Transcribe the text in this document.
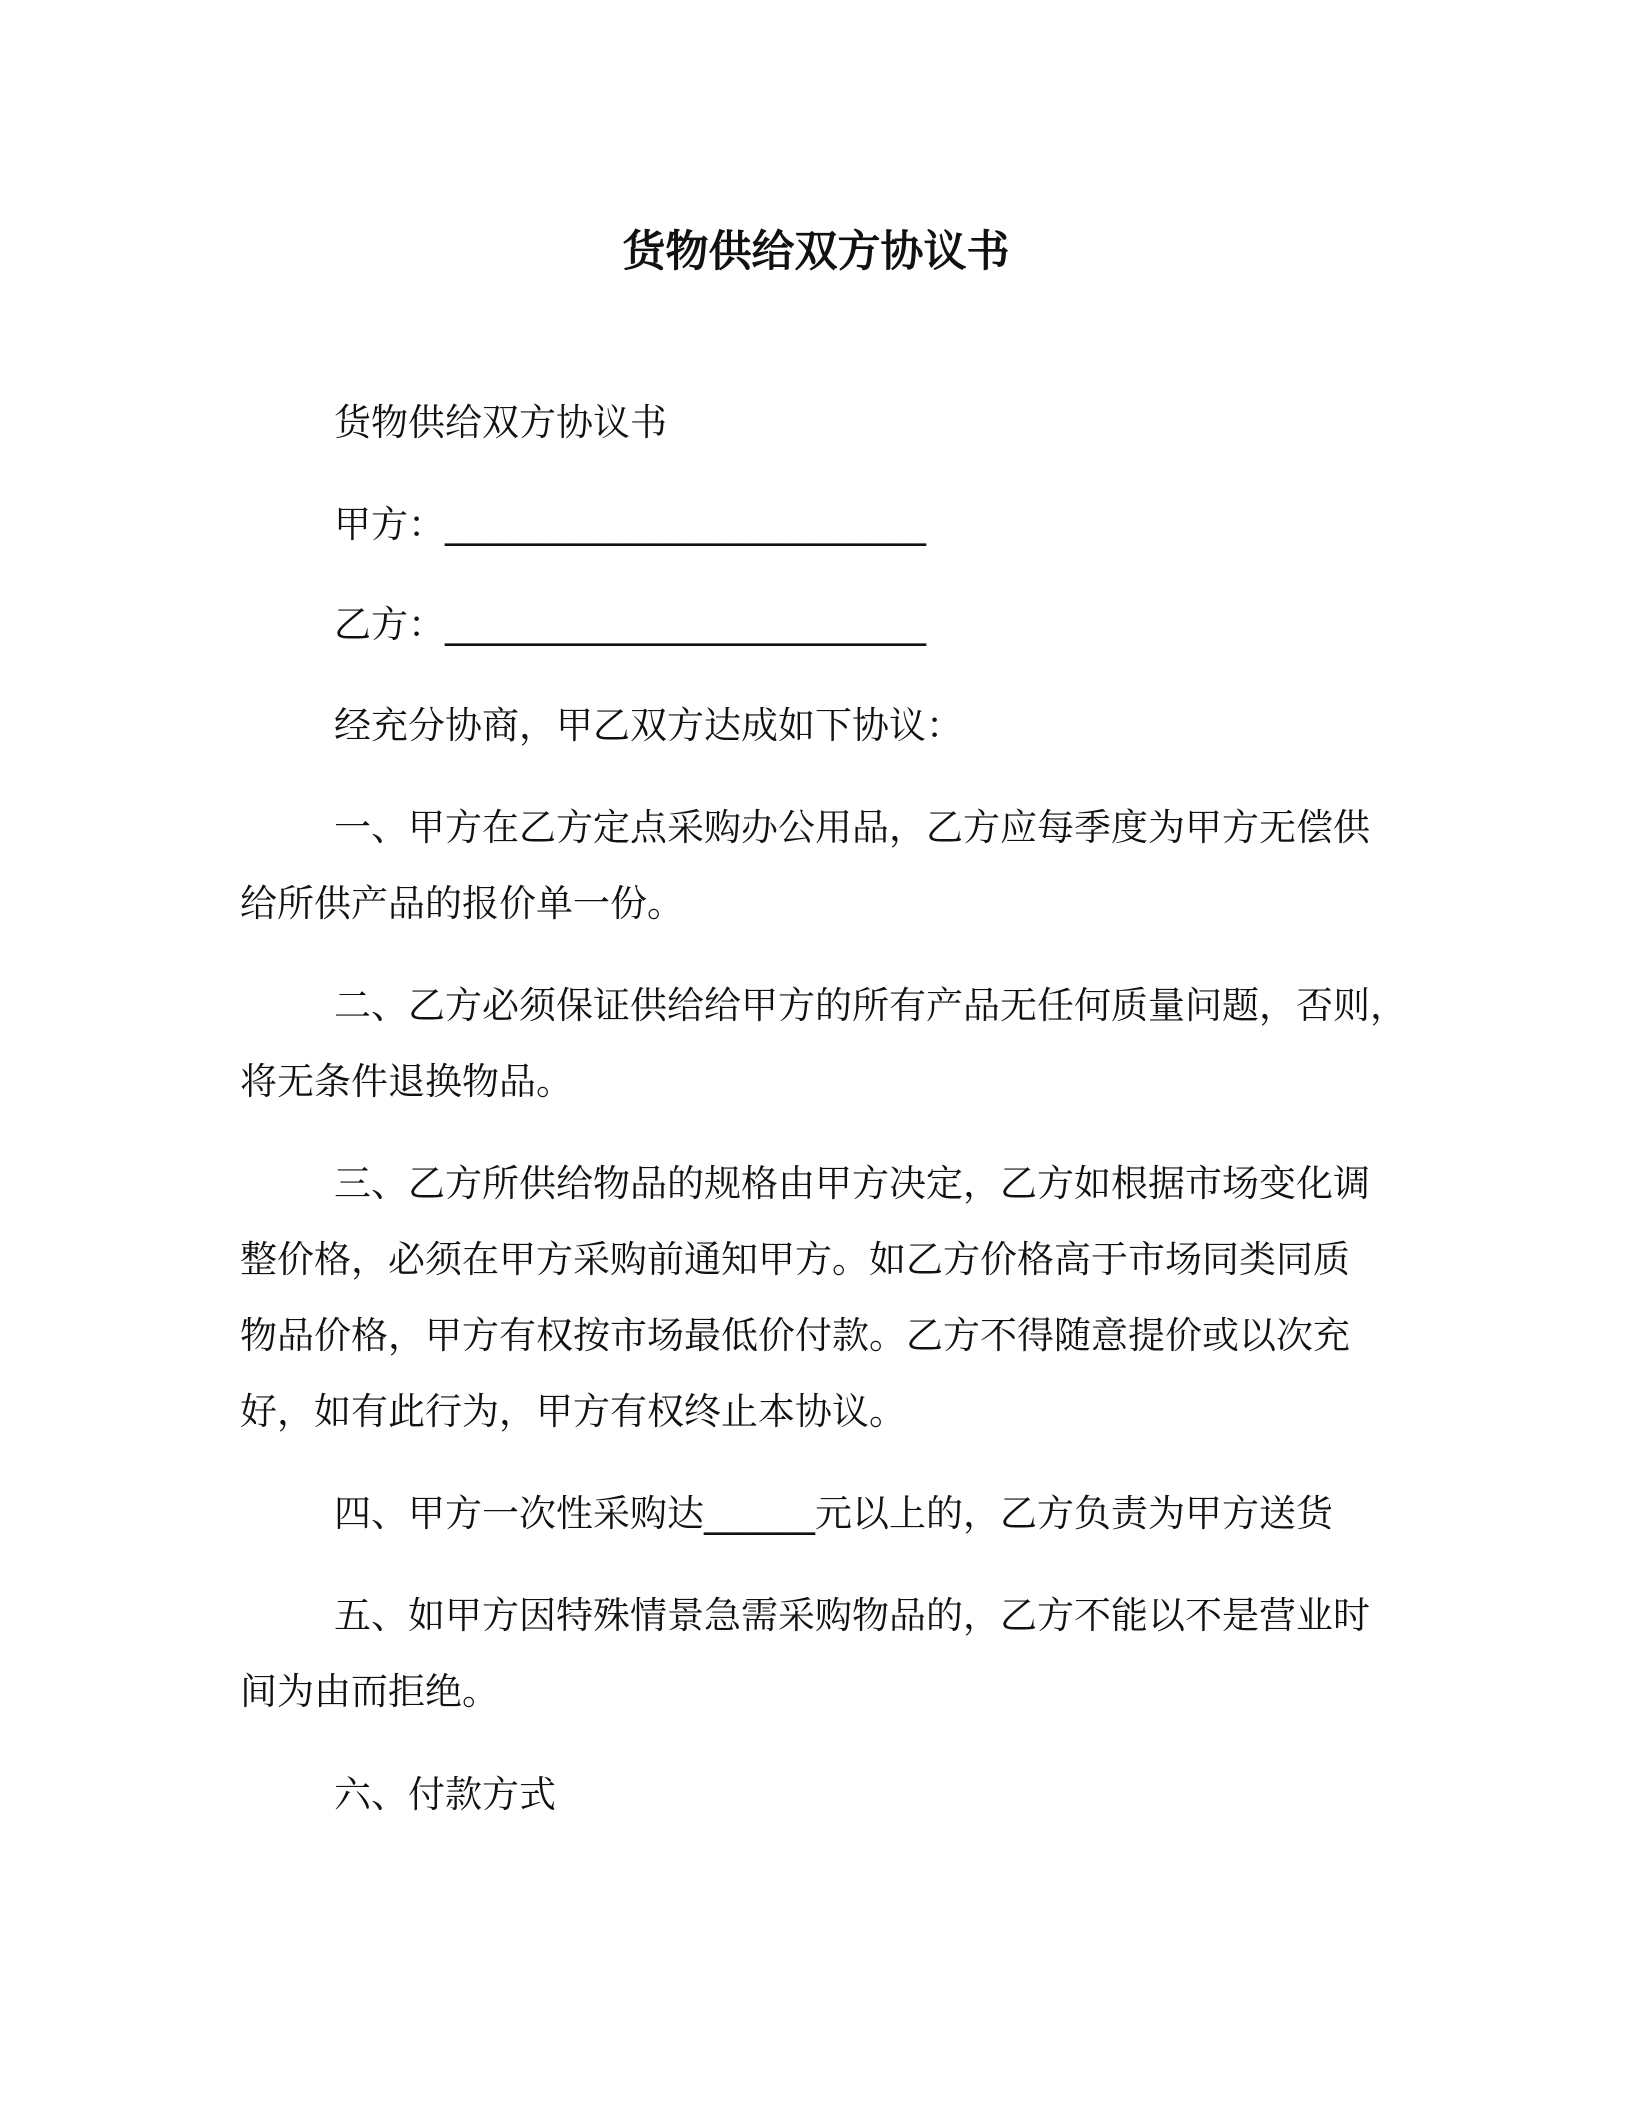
货物供给双方协议书
货物供给双方协议书
甲方：__________________________
乙方：__________________________
经充分协商，甲乙双方达成如下协议：
一、甲方在乙方定点采购办公用品，乙方应每季度为甲方无偿供
给所供产品的报价单一份。
二、乙方必须保证供给给甲方的所有产品无任何质量问题，否则，
将无条件退换物品。
三、乙方所供给物品的规格由甲方决定，乙方如根据市场变化调
整价格，必须在甲方采购前通知甲方。如乙方价格高于市场同类同质
物品价格，甲方有权按市场最低价付款。乙方不得随意提价或以次充
好，如有此行为，甲方有权终止本协议。
四、甲方一次性采购达______元以上的，乙方负责为甲方送货
五、如甲方因特殊情景急需采购物品的，乙方不能以不是营业时
间为由而拒绝。
六、付款方式
